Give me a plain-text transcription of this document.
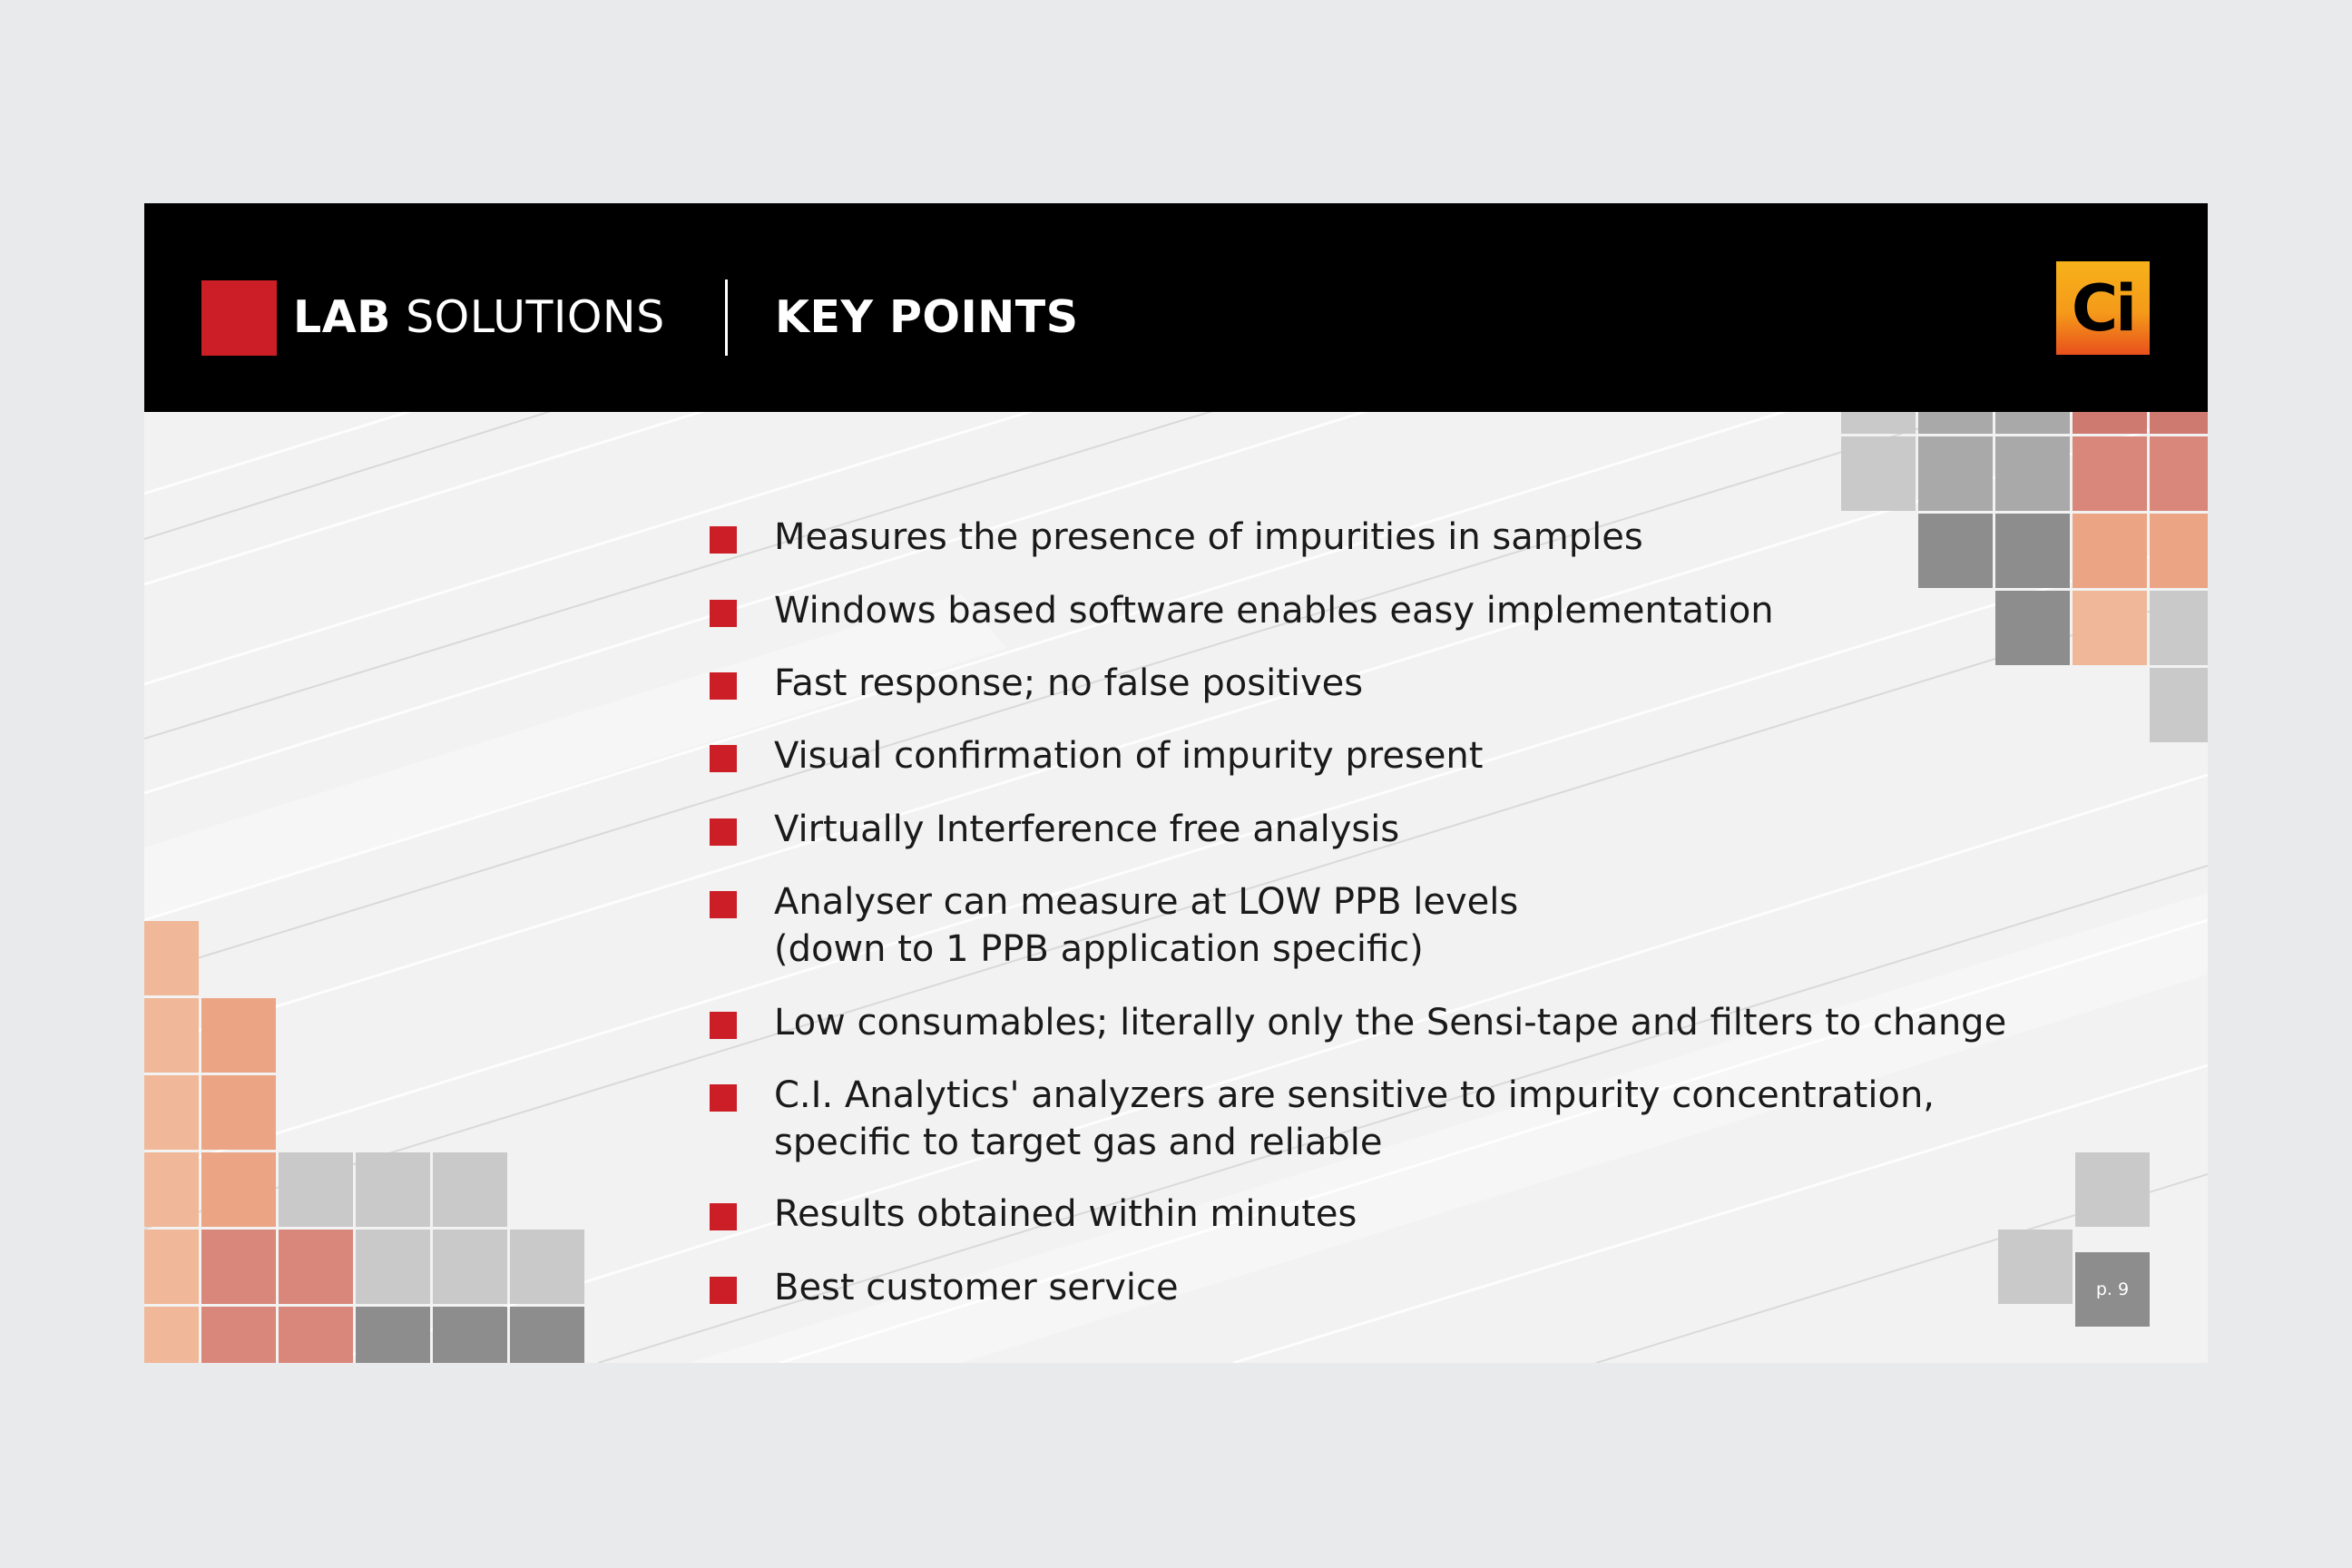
LAB SOLUTIONS KEY POINTS	Ci
Measures the presence of impurities in samples
Windows based software enables easy implementation
Fast response; no false positives
Visual confirmation of impurity present
Virtually Interference free analysis
Analyser can measure at LOW PPB levels
(down to 1 PPB application specific)
Low consumables; literally only the Sensi-tape and filters to change
C.I. Analytics' analyzers are sensitive to impurity concentration,
specific to target gas and reliable
Results obtained within minutes
Best customer service	p. 9
